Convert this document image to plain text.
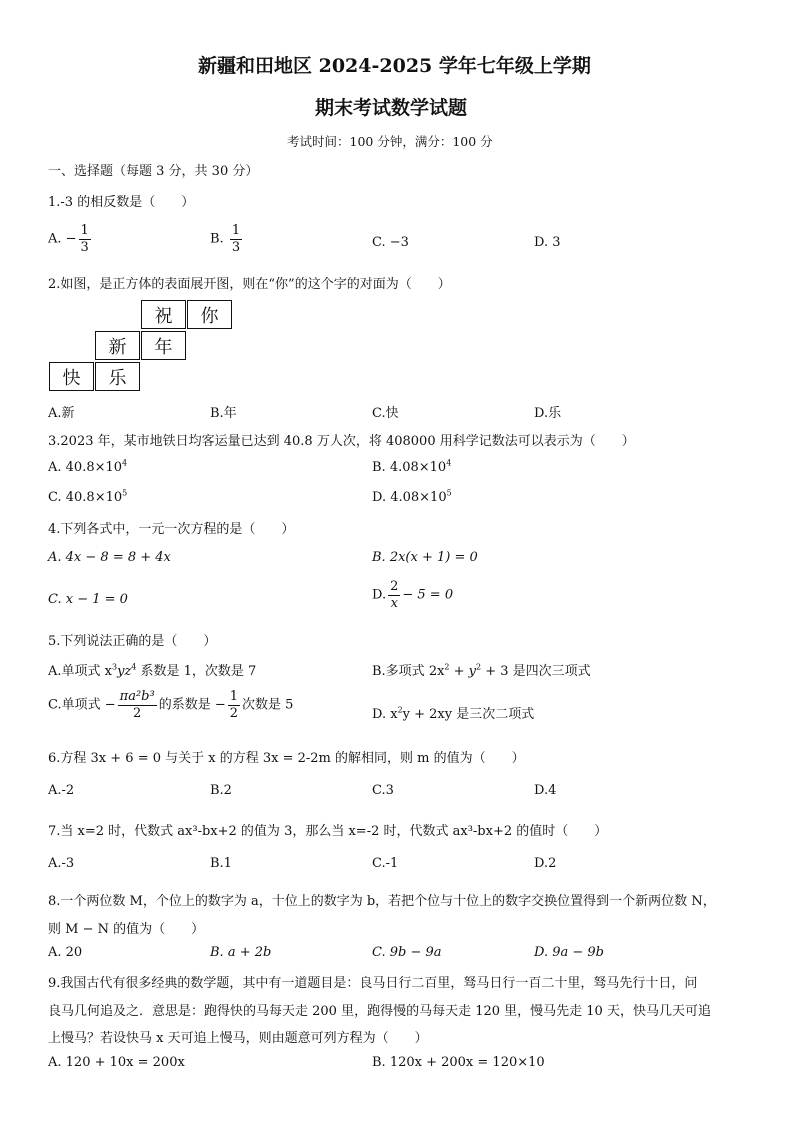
新疆和田地区 2024-2025 学年七年级上学期
期末考试数学试题
考试时间：100 分钟，满分：100 分
一、选择题（每题 3 分，共 30 分）
1.-3 的相反数是（　　）
A. − $\frac{1}{3}$	B. $\frac{1}{3}$	C. −3	D. 3
2.如图，是正方体的表面展开图，则在“你”的这个字的对面为（　　）
祝	你
新	年
快	乐
A.新	B.年	C.快	D.乐
3.2023 年，某市地铁日均客运量已达到 40.8 万人次，将 408000 用科学记数法可以表示为（　　）
A. $40.8\times 10^4$	B. $4.08\times 10^4$
C. $40.8\times 10^5$	D. $4.08\times 10^5$
4.下列各式中，一元一次方程的是（　　）
A. 4x − 8 = 8 + 4x	B. 2x(x + 1) = 0
C. x − 1 = 0	D. $\frac{2}{x} - 5 = 0$
5.下列说法正确的是（　　）
A.单项式 $x^3yz^4$ 系数是 1，次数是 7	B.多项式 $2x^2 + y^2 + 3$ 是四次三项式
C.单项式 − $\frac{\text{πa²b³}}{2}$ 的系数是 − $\frac{1}{2}$ 次数是 5
D. $x^2y + 2xy$ 是三次二项式
6.方程 3x + 6 = 0 与关于 x 的方程 3x = 2-2m 的解相同，则 m 的值为（　　）
A.-2	B.2	C.3	D.4
7.当 x=2 时，代数式 ax³-bx+2 的值为 3，那么当 x=-2 时，代数式 ax³-bx+2 的值时（　　）
A.-3	B.1	C.-1	D.2
8.一个两位数 M，个位上的数字为 a，十位上的数字为 b，若把个位与十位上的数字交换位置得到一个新两位数 N，
则 M − N 的值为（　　）
A. 20	B. a + 2b	C. 9b − 9a	D. 9a − 9b
9.我国古代有很多经典的数学题，其中有一道题目是：良马日行二百里，驽马日行一百二十里，驽马先行十日，问
良马几何追及之．意思是：跑得快的马每天走 200 里，跑得慢的马每天走 120 里，慢马先走 10 天，快马几天可追
上慢马？若设快马 x 天可追上慢马，则由题意可列方程为（　　）
A. 120 + 10x = 200x	B. 120x + 200x = 120×10
